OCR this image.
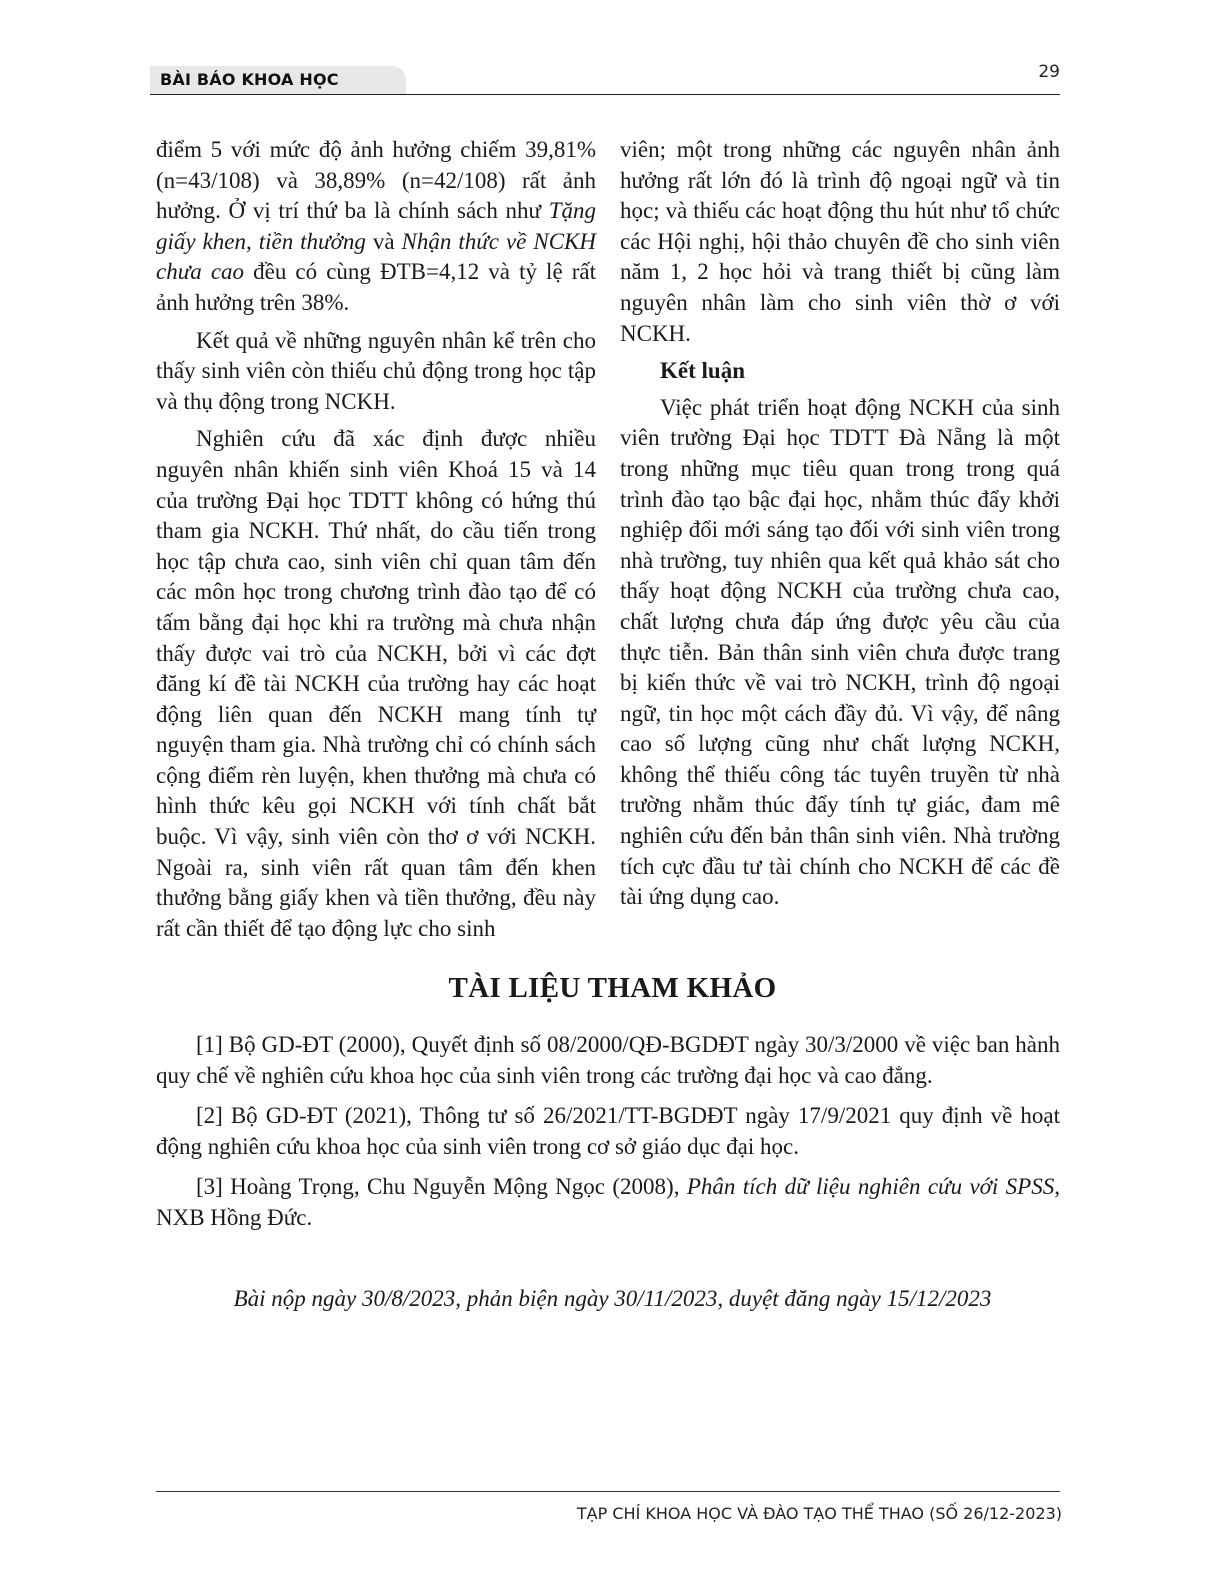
BÀI BÁO KHOA HỌC	29

điểm 5 với mức độ ảnh hưởng chiếm 39,81% (n=43/108) và 38,89% (n=42/108) rất ảnh hưởng. Ở vị trí thứ ba là chính sách như Tặng giấy khen, tiền thưởng và Nhận thức về NCKH chưa cao đều có cùng ĐTB=4,12 và tỷ lệ rất ảnh hưởng trên 38%.

Kết quả về những nguyên nhân kể trên cho thấy sinh viên còn thiếu chủ động trong học tập và thụ động trong NCKH.

Nghiên cứu đã xác định được nhiều nguyên nhân khiến sinh viên Khoá 15 và 14 của trường Đại học TDTT không có hứng thú tham gia NCKH. Thứ nhất, do cầu tiến trong học tập chưa cao, sinh viên chỉ quan tâm đến các môn học trong chương trình đào tạo để có tấm bằng đại học khi ra trường mà chưa nhận thấy được vai trò của NCKH, bởi vì các đợt đăng kí đề tài NCKH của trường hay các hoạt động liên quan đến NCKH mang tính tự nguyện tham gia. Nhà trường chỉ có chính sách cộng điểm rèn luyện, khen thưởng mà chưa có hình thức kêu gọi NCKH với tính chất bắt buộc. Vì vậy, sinh viên còn thơ ơ với NCKH. Ngoài ra, sinh viên rất quan tâm đến khen thưởng bằng giấy khen và tiền thưởng, đều này rất cần thiết để tạo động lực cho sinh

viên; một trong những các nguyên nhân ảnh hưởng rất lớn đó là trình độ ngoại ngữ và tin học; và thiếu các hoạt động thu hút như tổ chức các Hội nghị, hội thảo chuyên đề cho sinh viên năm 1, 2 học hỏi và trang thiết bị cũng làm nguyên nhân làm cho sinh viên thờ ơ với NCKH.

Kết luận

Việc phát triển hoạt động NCKH của sinh viên trường Đại học TDTT Đà Nẵng là một trong những mục tiêu quan trong trong quá trình đào tạo bậc đại học, nhằm thúc đẩy khởi nghiệp đổi mới sáng tạo đối với sinh viên trong nhà trường, tuy nhiên qua kết quả khảo sát cho thấy hoạt động NCKH của trường chưa cao, chất lượng chưa đáp ứng được yêu cầu của thực tiễn. Bản thân sinh viên chưa được trang bị kiến thức về vai trò NCKH, trình độ ngoại ngữ, tin học một cách đầy đủ. Vì vậy, để nâng cao số lượng cũng như chất lượng NCKH, không thể thiếu công tác tuyên truyền từ nhà trường nhằm thúc đẩy tính tự giác, đam mê nghiên cứu đến bản thân sinh viên. Nhà trường tích cực đầu tư tài chính cho NCKH để các đề tài ứng dụng cao.

TÀI LIỆU THAM KHẢO

[1] Bộ GD-ĐT (2000), Quyết định số 08/2000/QĐ-BGDĐT ngày 30/3/2000 về việc ban hành quy chế về nghiên cứu khoa học của sinh viên trong các trường đại học và cao đẳng.

[2] Bộ GD-ĐT (2021), Thông tư số 26/2021/TT-BGDĐT ngày 17/9/2021 quy định về hoạt động nghiên cứu khoa học của sinh viên trong cơ sở giáo dục đại học.

[3] Hoàng Trọng, Chu Nguyễn Mộng Ngọc (2008), Phân tích dữ liệu nghiên cứu với SPSS, NXB Hồng Đức.

Bài nộp ngày 30/8/2023, phản biện ngày 30/11/2023, duyệt đăng ngày 15/12/2023
TẠP CHÍ KHOA HỌC VÀ ĐÀO TẠO THỂ THAO (SỐ 26/12-2023)
